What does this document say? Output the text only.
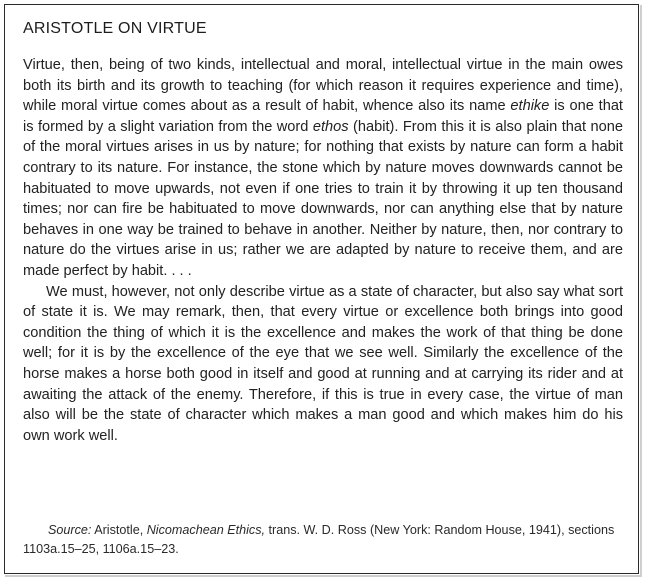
ARISTOTLE ON VIRTUE

Virtue, then, being of two kinds, intellectual and moral, intellectual virtue in the main owes both its birth and its growth to teaching (for which reason it requires experience and time), while moral virtue comes about as a result of habit, whence also its name ethike is one that is formed by a slight variation from the word ethos (habit). From this it is also plain that none of the moral virtues arises in us by nature; for nothing that exists by nature can form a habit contrary to its nature. For instance, the stone which by nature moves downwards cannot be habituated to move upwards, not even if one tries to train it by throwing it up ten thousand times; nor can fire be habituated to move downwards, nor can anything else that by nature behaves in one way be trained to behave in another. Neither by nature, then, nor contrary to nature do the virtues arise in us; rather we are adapted by nature to receive them, and are made perfect by habit. . . .

We must, however, not only describe virtue as a state of character, but also say what sort of state it is. We may remark, then, that every virtue or excellence both brings into good condition the thing of which it is the excellence and makes the work of that thing be done well; for it is by the excellence of the eye that we see well. Similarly the excellence of the horse makes a horse both good in itself and good at running and at carrying its rider and at awaiting the attack of the enemy. Therefore, if this is true in every case, the virtue of man also will be the state of character which makes a man good and which makes him do his own work well.

Source: Aristotle, Nicomachean Ethics, trans. W. D. Ross (New York: Random House, 1941), sections 1103a.15–25, 1106a.15–23.
